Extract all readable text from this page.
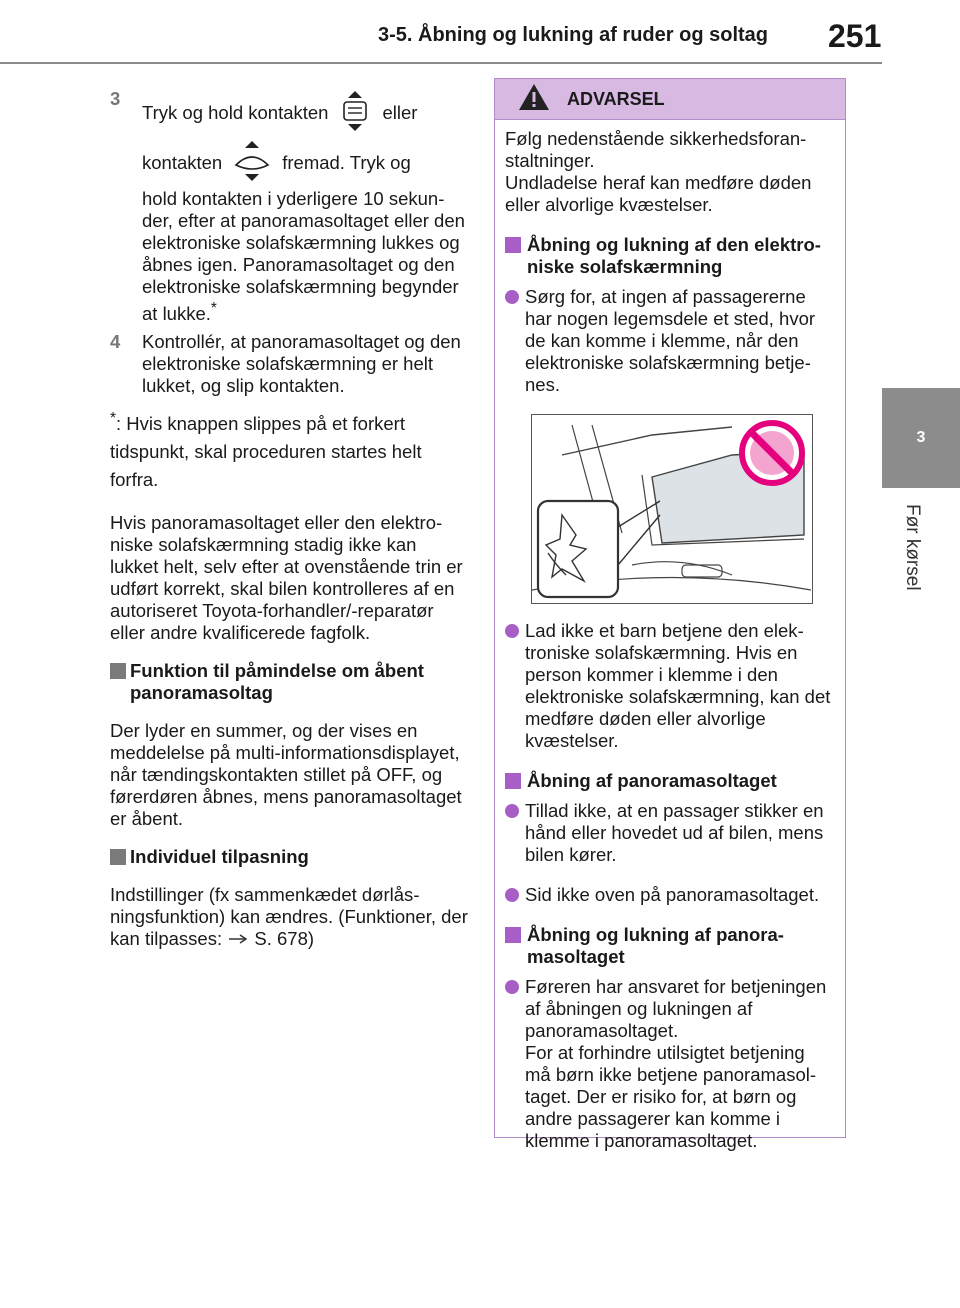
3-5. Åbning og lukning af ruder og soltag 251
3
Før kørsel
3
Tryk og hold kontakten	eller
kontakten	fremad. Tryk og
hold kontakten i yderligere 10 sekunder, efter at panoramasoltaget eller den elektroniske solafskærmning lukkes og åbnes igen. Panoramasoltaget og den elektroniske solafskærmning begynder at lukke.*
4	Kontrollér, at panoramasoltaget og den elektroniske solafskærmning er helt lukket, og slip kontakten.
*: Hvis knappen slippes på et forkert tidspunkt, skal proceduren startes helt forfra.
Hvis panoramasoltaget eller den elektroniske solafskærmning stadig ikke kan lukket helt, selv efter at ovenstående trin er udført korrekt, skal bilen kontrolleres af en autoriseret Toyota-forhandler/-reparatør eller andre kvalificerede fagfolk.
Funktion til påmindelse om åbent panoramasoltag
Der lyder en summer, og der vises en meddelelse på multi-informationsdisplayet, når tændingskontakten stillet på OFF, og førerdøren åbnes, mens panoramasoltaget er åbent.
Individuel tilpasning
Indstillinger (fx sammenkædet dørlåsningsfunktion) kan ændres. (Funktioner, der kan tilpasses: S. 678)
ADVARSEL
Følg nedenstående sikkerhedsforanstaltninger.
Undladelse heraf kan medføre døden eller alvorlige kvæstelser.
Åbning og lukning af den elektroniske solafskærmning
Sørg for, at ingen af passagererne har nogen legemsdele et sted, hvor de kan komme i klemme, når den elektroniske solafskærmning betjenes.
Lad ikke et barn betjene den elektroniske solafskærmning. Hvis en person kommer i klemme i den elektroniske solafskærmning, kan det medføre døden eller alvorlige kvæstelser.
Åbning af panoramasoltaget
Tillad ikke, at en passager stikker en hånd eller hovedet ud af bilen, mens bilen kører.
Sid ikke oven på panoramasoltaget.
Åbning og lukning af panoramasoltaget
Føreren har ansvaret for betjeningen af åbningen og lukningen af panoramasoltaget.
For at forhindre utilsigtet betjening må børn ikke betjene panoramasoltaget. Der er risiko for, at børn og andre passagerer kan komme i klemme i panoramasoltaget.
